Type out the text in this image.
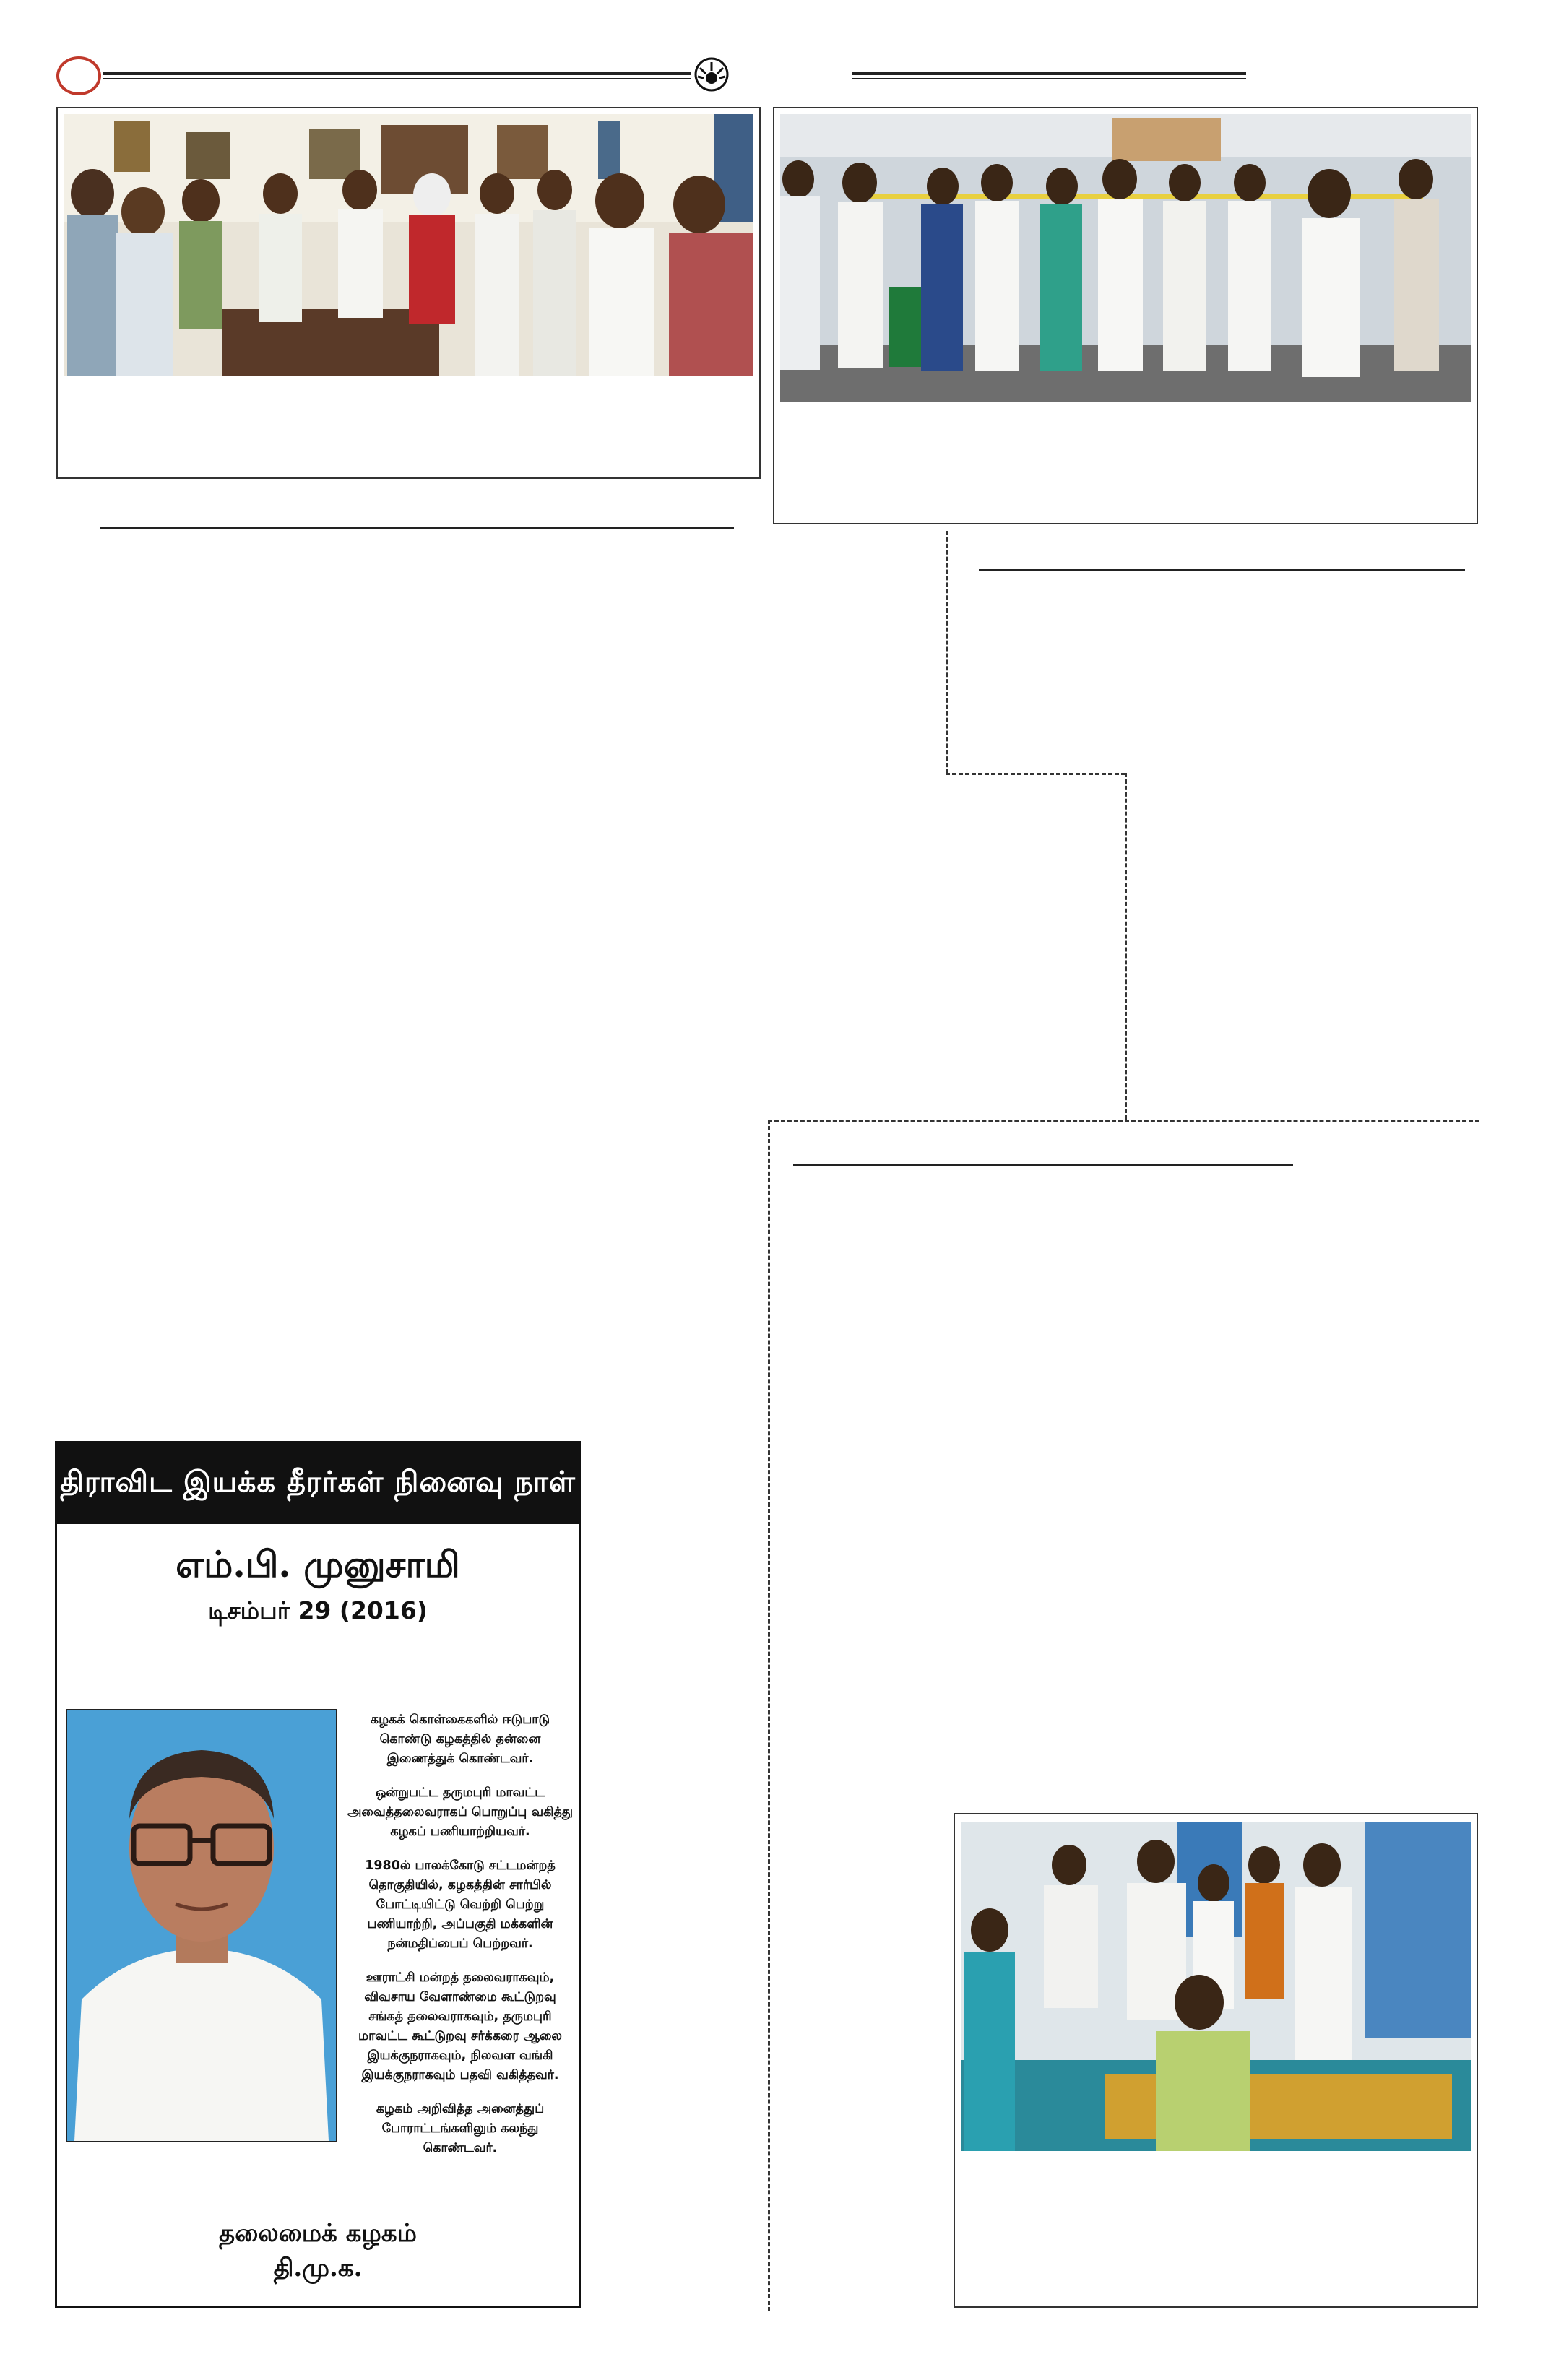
திராவிட இயக்க தீரர்கள் நினைவு நாள்
எம்.பி. முனுசாமி
டிசம்பர் 29 (2016)

கழகக் கொள்கைகளில் ஈடுபாடு கொண்டு கழகத்தில் தன்னை இணைத்துக் கொண்டவர்.

ஒன்றுபட்ட தருமபுரி மாவட்ட அவைத்தலைவராகப் பொறுப்பு வகித்து கழகப் பணியாற்றியவர்.

1980ல் பாலக்கோடு சட்டமன்றத் தொகுதியில், கழகத்தின் சார்பில் போட்டியிட்டு வெற்றி பெற்று பணியாற்றி, அப்பகுதி மக்களின் நன்மதிப்பைப் பெற்றவர்.

ஊராட்சி மன்றத் தலைவராகவும், விவசாய வேளாண்மை கூட்டுறவு சங்கத் தலைவராகவும், தருமபுரி மாவட்ட கூட்டுறவு சர்க்கரை ஆலை இயக்குநராகவும், நிலவள வங்கி இயக்குநராகவும் பதவி வகித்தவர்.

கழகம் அறிவித்த அனைத்துப் போராட்டங்களிலும் கலந்து கொண்டவர்.

தலைமைக் கழகம்
தி.மு.க.
